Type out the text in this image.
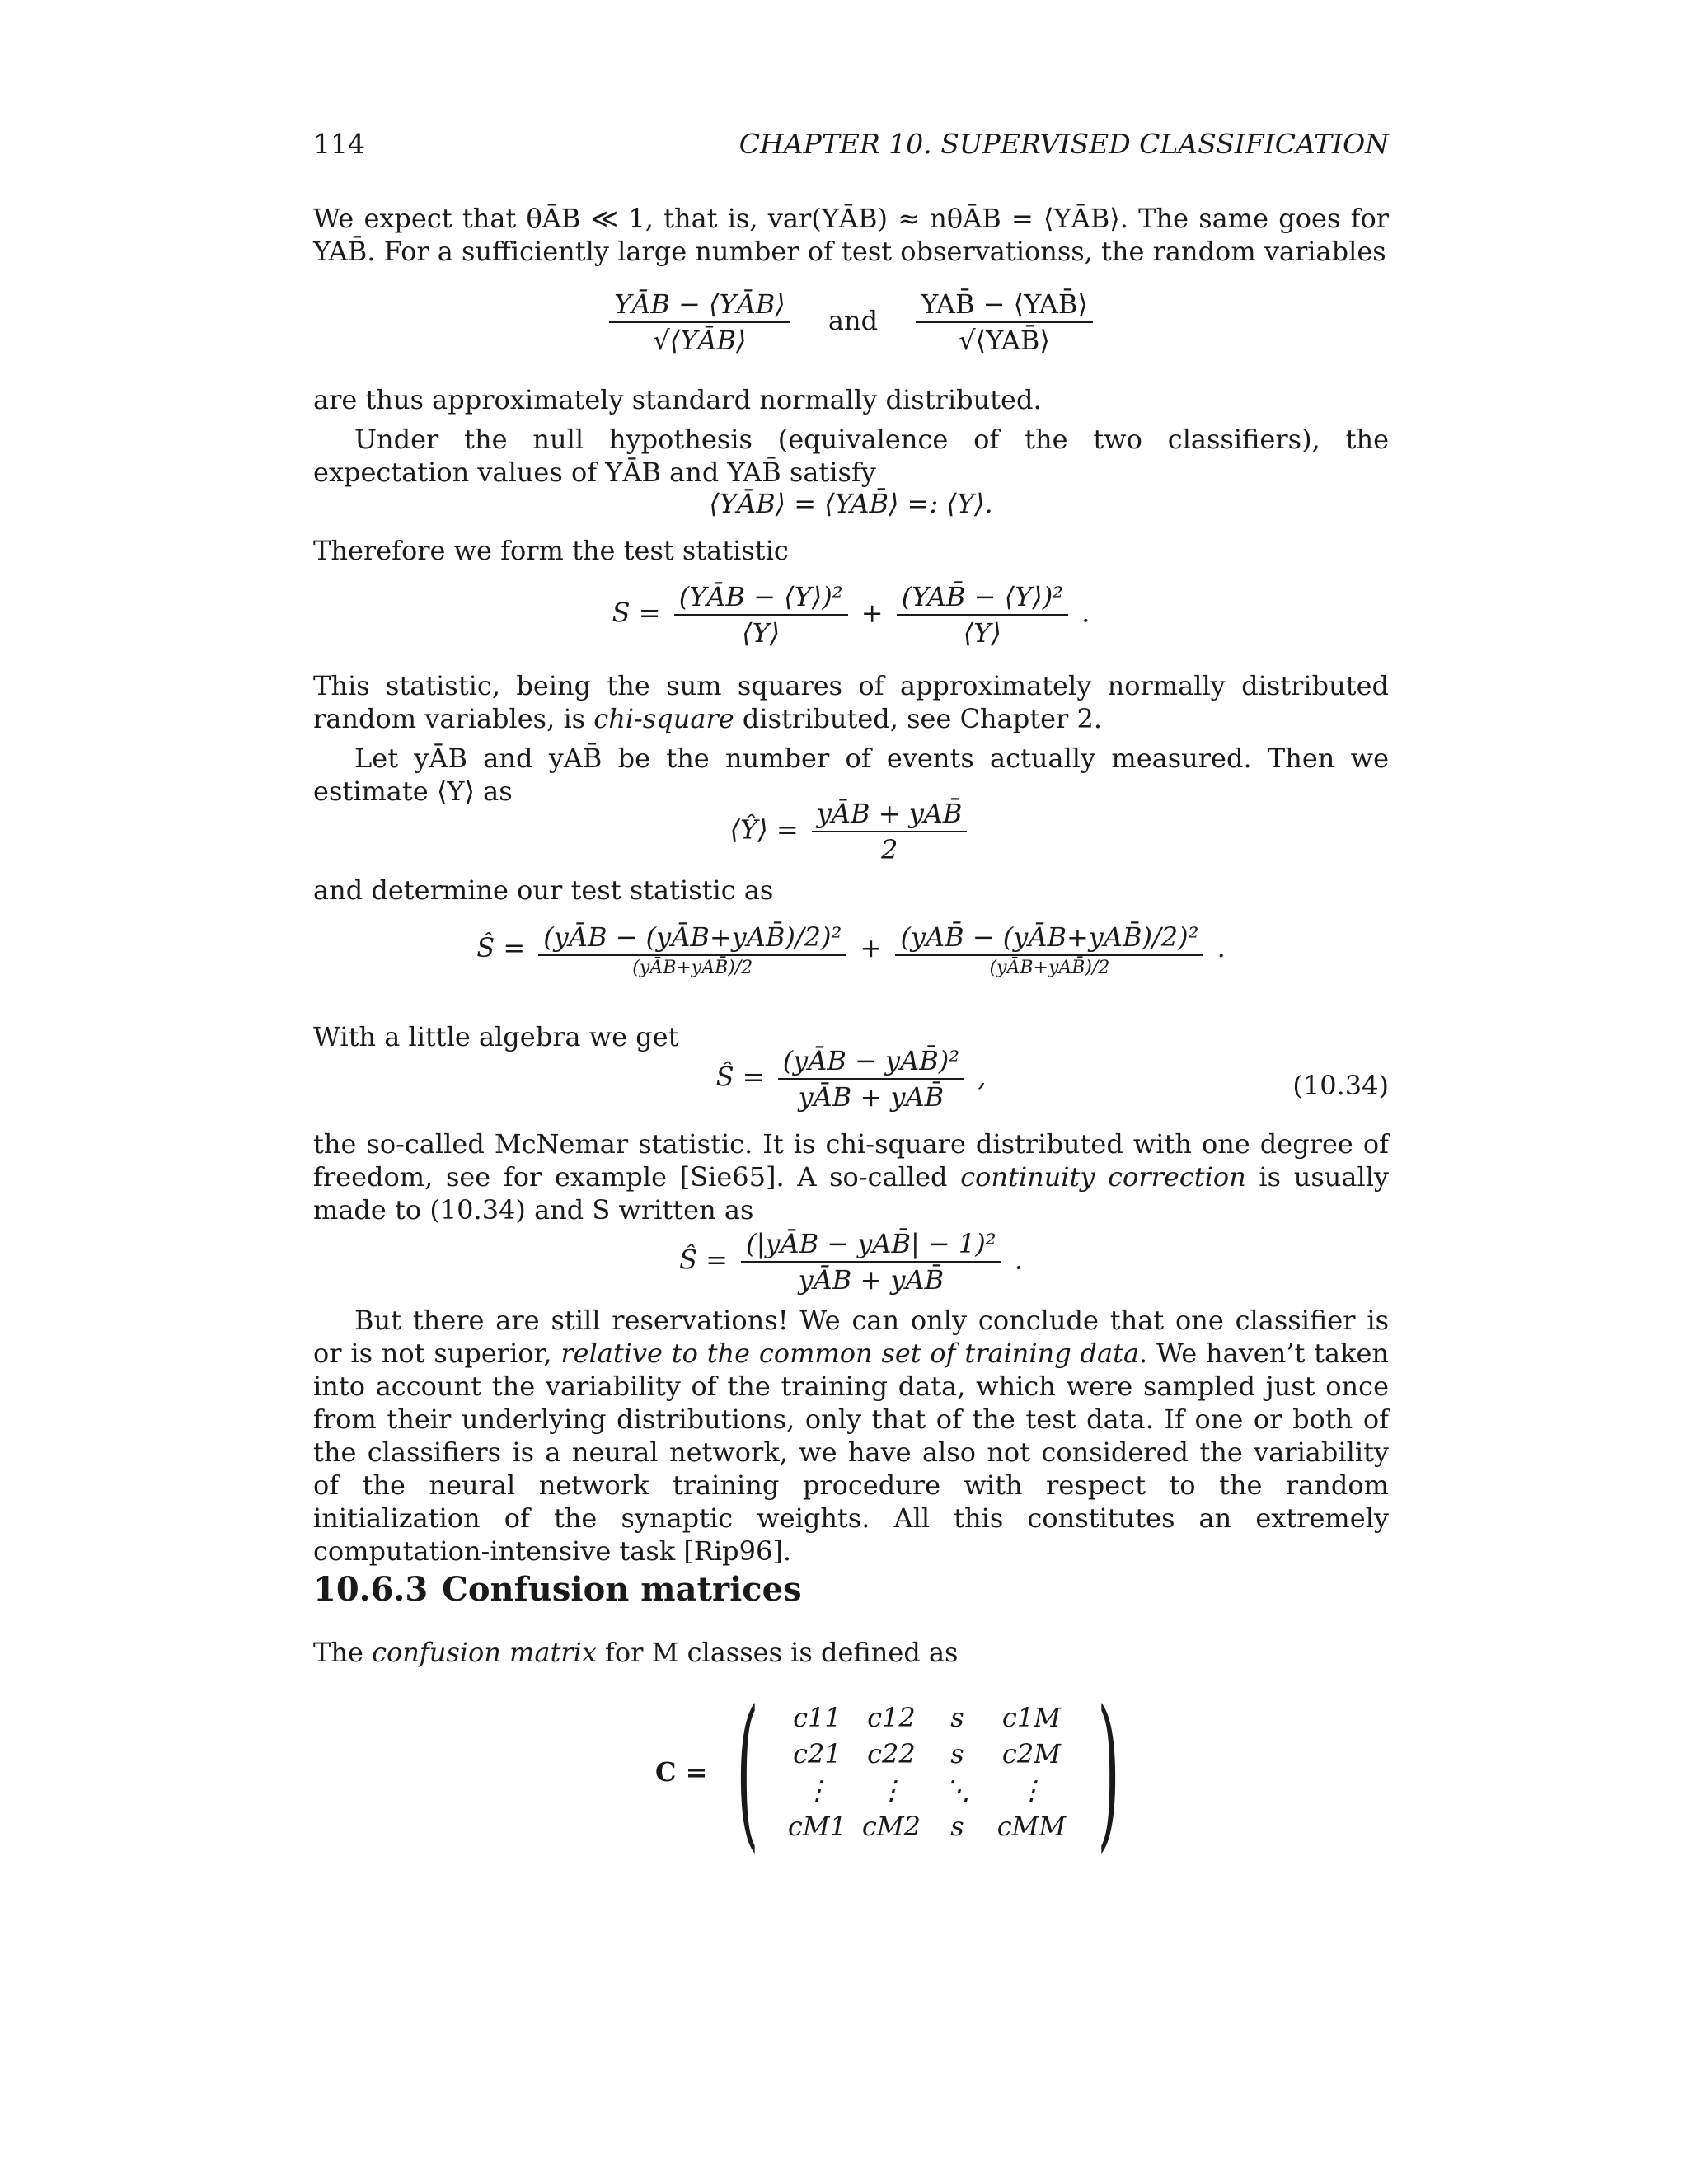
114	CHAPTER 10. SUPERVISED CLASSIFICATION
We expect that θĀB ≪ 1, that is, var(YĀB) ≈ nθĀB = ⟨YĀB⟩. The same goes for YAB̄. For a sufficiently large number of test observationss, the random variables
$\frac{\text{YĀB − ⟨YĀB⟩}}{\text{√⟨YĀB⟩}}$ and $\frac{\text{YAB̄ − ⟨YAB̄⟩}}{\text{√⟨YAB̄⟩}}$
are thus approximately standard normally distributed.
Under the null hypothesis (equivalence of the two classifiers), the expectation values of YĀB and YAB̄ satisfy
⟨YĀB⟩ = ⟨YAB̄⟩ =: ⟨Y⟩.
Therefore we form the test statistic
$S = \frac{\text{(YĀB − ⟨Y⟩)²}}{⟨Y⟩} + \frac{\text{(YAB̄ − ⟨Y⟩)²}}{⟨Y⟩}$ .
This statistic, being the sum squares of approximately normally distributed random variables, is chi-square distributed, see Chapter 2.
Let yĀB and yAB̄ be the number of events actually measured. Then we estimate ⟨Y⟩ as
⟨Ŷ⟩ = $\frac{\text{yĀB + yAB̄}}{2}$
and determine our test statistic as
Ŝ = $\frac{\text{(yĀB − (yĀB+yAB̄)/2)²}}{\text{(yĀB+yAB̄)/2}} + \frac{\text{(yAB̄ − (yĀB+yAB̄)/2)²}}{\text{(yĀB+yAB̄)/2}}$ .
With a little algebra we get
Ŝ = $\frac{\text{(yĀB − yAB̄)²}}{\text{yĀB + yAB̄}}$ ,	(10.34)
the so-called McNemar statistic. It is chi-square distributed with one degree of freedom, see for example [Sie65]. A so-called continuity correction is usually made to (10.34) and S written as
Ŝ = $\frac{\text{(|yĀB − yAB̄| − 1)²}}{\text{yĀB + yAB̄}}$ .
But there are still reservations! We can only conclude that one classifier is or is not superior, relative to the common set of training data. We haven’t taken into account the variability of the training data, which were sampled just once from their underlying distributions, only that of the test data. If one or both of the classifiers is a neural network, we have also not considered the variability of the neural network training procedure with respect to the random initialization of the synaptic weights. All this constitutes an extremely computation-intensive task [Rip96].
10.6.3 Confusion matrices
The confusion matrix for M classes is defined as
C = (	c11 c12	s	c1M
c21 c22	s	c2M
⋮	⋮	⋱	⋮
cM1 cM2	s	cMM )
